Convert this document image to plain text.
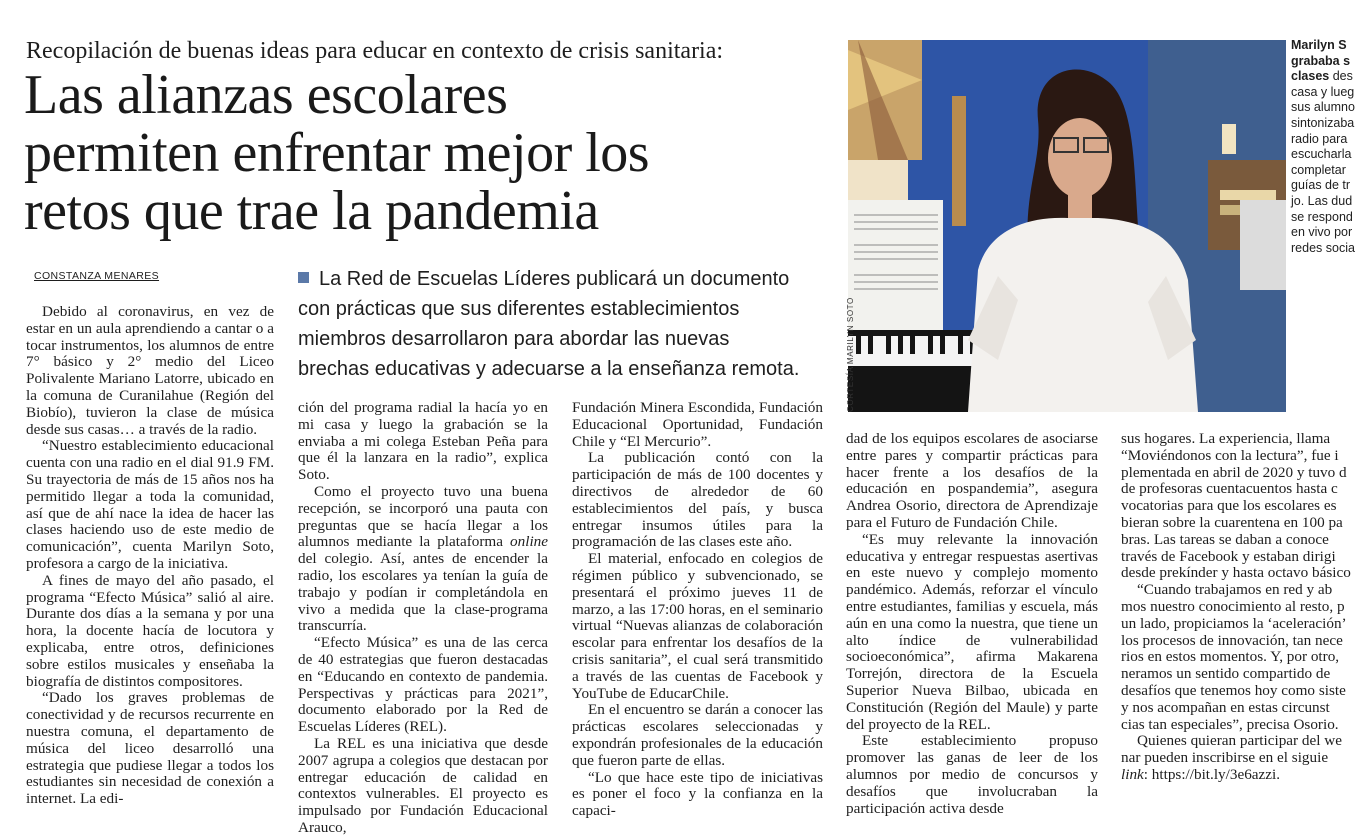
Recopilación de buenas ideas para educar en contexto de crisis sanitaria:
Las alianzas escolares
permiten enfrentar mejor los
retos que trae la pandemia
CONSTANZA MENARES	La Red de Escuelas Líderes publicará un documento
con prácticas que sus diferentes establecimientos
miembros desarrollaron para abordar las nuevas
brechas educativas y adecuarse a la enseñanza remota.

Debido al coronavirus, en vez de estar en un aula aprendiendo a cantar o a tocar instrumentos, los alumnos de entre 7° básico y 2° medio del Liceo Polivalente Mariano Latorre, ubicado en la comuna de Curanilahue (Región del Biobío), tuvieron la clase de música desde sus casas… a través de la radio.

“Nuestro establecimiento educacional cuenta con una radio en el dial 91.9 FM. Su trayectoria de más de 15 años nos ha permitido llegar a toda la comunidad, así que de ahí nace la idea de hacer las clases haciendo uso de este medio de comunicación”, cuenta Marilyn Soto, profesora a cargo de la iniciativa.

A fines de mayo del año pasado, el programa “Efecto Música” salió al aire. Durante dos días a la semana y por una hora, la docente hacía de locutora y explicaba, entre otros, definiciones sobre estilos musicales y enseñaba la biografía de distintos compositores.

“Dado los graves problemas de conectividad y de recursos recurrente en nuestra comuna, el departamento de música del liceo desarrolló una estrategia que pudiese llegar a todos los estudiantes sin necesidad de conexión a internet. La edi-

ción del programa radial la hacía yo en mi casa y luego la grabación se la enviaba a mi colega Esteban Peña para que él la lanzara en la radio”, explica Soto.

Como el proyecto tuvo una buena recepción, se incorporó una pauta con preguntas que se hacía llegar a los alumnos mediante la plataforma online del colegio. Así, antes de encender la radio, los escolares ya tenían la guía de trabajo y podían ir completándola en vivo a medida que la clase-programa transcurría.

“Efecto Música” es una de las cerca de 40 estrategias que fueron destacadas en “Educando en contexto de pandemia. Perspectivas y prácticas para 2021”, documento elaborado por la Red de Escuelas Líderes (REL).

La REL es una iniciativa que desde 2007 agrupa a colegios que destacan por entregar educación de calidad en contextos vulnerables. El proyecto es impulsado por Fundación Educacional Arauco,

Fundación Minera Escondida, Fundación Educacional Oportunidad, Fundación Chile y “El Mercurio”.

La publicación contó con la participación de más de 100 docentes y directivos de alrededor de 60 establecimientos del país, y busca entregar insumos útiles para la programación de las clases este año.

El material, enfocado en colegios de régimen público y subvencionado, se presentará el próximo jueves 11 de marzo, a las 17:00 horas, en el seminario virtual “Nuevas alianzas de colaboración escolar para enfrentar los desafíos de la crisis sanitaria”, el cual será transmitido a través de las cuentas de Facebook y YouTube de EducarChile.

En el encuentro se darán a conocer las prácticas escolares seleccionadas y expondrán profesionales de la educación que fueron parte de ellas.

“Lo que hace este tipo de iniciativas es poner el foco y la confianza en la capaci-

dad de los equipos escolares de asociarse entre pares y compartir prácticas para hacer frente a los desafíos de la educación en pospandemia”, asegura Andrea Osorio, directora de Aprendizaje para el Futuro de Fundación Chile.

“Es muy relevante la innovación educativa y entregar respuestas asertivas en este nuevo y complejo momento pandémico. Además, reforzar el vínculo entre estudiantes, familias y escuela, más aún en una como la nuestra, que tiene un alto índice de vulnerabilidad socioeconómica”, afirma Makarena Torrejón, directora de la Escuela Superior Nueva Bilbao, ubicada en Constitución (Región del Maule) y parte del proyecto de la REL.

Este establecimiento propuso promover las ganas de leer de los alumnos por medio de concursos y desafíos que involucraban la participación activa desde

sus hogares. La experiencia, llama

“Moviéndonos con la lectura”, fue i

plementada en abril de 2020 y tuvo d

de profesoras cuentacuentos hasta c

vocatorias para que los escolares es

bieran sobre la cuarentena en 100 pa

bras. Las tareas se daban a conoce

través de Facebook y estaban dirigi

desde prekínder y hasta octavo básico

“Cuando trabajamos en red y ab

mos nuestro conocimiento al resto, p

un lado, propiciamos la ‘aceleración’

los procesos de innovación, tan nece

rios en estos momentos. Y, por otro,

neramos un sentido compartido de

desafíos que tenemos hoy como siste

y nos acompañan en estas circunst

cias tan especiales”, precisa Osorio.

Quienes quieran participar del we

nar pueden inscribirse en el siguie

link: https://bit.ly/3e6azzi.

CORTESÍA MARILYN SOTO
Marilyn S
grababa s
clases des
casa y lueg
sus alumno
sintonizaba
radio para
escucharla
completar
guías de tr
jo. Las dud
se respond
en vivo por
redes socia
